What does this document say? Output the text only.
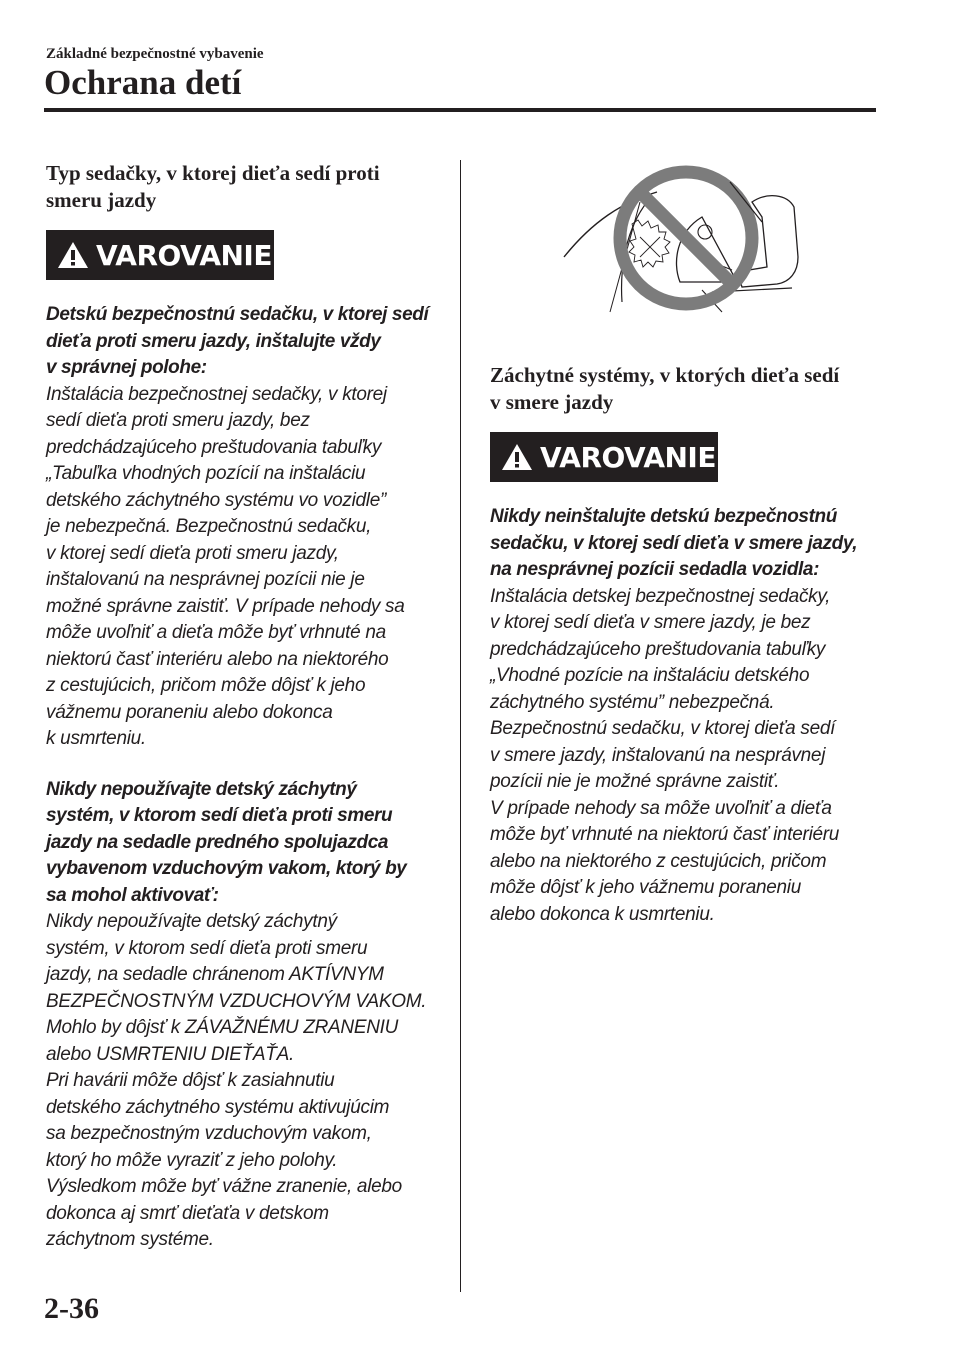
Základné bezpečnostné vybavenie
Ochrana detí
Typ sedačky, v ktorej dieťa sedí proti
smeru jazdy
VAROVANIE

Detskú bezpečnostnú sedačku, v ktorej sedí
dieťa proti smeru jazdy, inštalujte vždy
v správnej polohe:

Inštalácia bezpečnostnej sedačky, v ktorej
sedí dieťa proti smeru jazdy, bez
predchádzajúceho preštudovania tabuľky
„Tabuľka vhodných pozícií na inštaláciu
detského záchytného systému vo vozidle”
je nebezpečná. Bezpečnostnú sedačku,
v ktorej sedí dieťa proti smeru jazdy,
inštalovanú na nesprávnej pozícii nie je
možné správne zaistiť. V prípade nehody sa
môže uvoľniť a dieťa môže byť vrhnuté na
niektorú časť interiéru alebo na niektorého
z cestujúcich, pričom môže dôjsť k jeho
vážnemu poraneniu alebo dokonca
k usmrteniu.

Nikdy nepoužívajte detský záchytný
systém, v ktorom sedí dieťa proti smeru
jazdy na sedadle predného spolujazdca
vybavenom vzduchovým vakom, ktorý by
sa mohol aktivovať:

Nikdy nepoužívajte detský záchytný
systém, v ktorom sedí dieťa proti smeru
jazdy, na sedadle chránenom AKTÍVNYM
BEZPEČNOSTNÝM VZDUCHOVÝM VAKOM.
Mohlo by dôjsť k ZÁVAŽNÉMU ZRANENIU
alebo USMRTENIU DIEŤAŤA.
Pri havárii môže dôjsť k zasiahnutiu
detského záchytného systému aktivujúcim
sa bezpečnostným vzduchovým vakom,
ktorý ho môže vyraziť z jeho polohy.
Výsledkom môže byť vážne zranenie, alebo
dokonca aj smrť dieťaťa v detskom
záchytnom systéme.

Záchytné systémy, v ktorých dieťa sedí
v smere jazdy
VAROVANIE

Nikdy neinštalujte detskú bezpečnostnú
sedačku, v ktorej sedí dieťa v smere jazdy,
na nesprávnej pozícii sedadla vozidla:

Inštalácia detskej bezpečnostnej sedačky,
v ktorej sedí dieťa v smere jazdy, je bez
predchádzajúceho preštudovania tabuľky
„Vhodné pozície na inštaláciu detského
záchytného systému” nebezpečná.
Bezpečnostnú sedačku, v ktorej dieťa sedí
v smere jazdy, inštalovanú na nesprávnej
pozícii nie je možné správne zaistiť.
V prípade nehody sa môže uvoľniť a dieťa
môže byť vrhnuté na niektorú časť interiéru
alebo na niektorého z cestujúcich, pričom
môže dôjsť k jeho vážnemu poraneniu
alebo dokonca k usmrteniu.

2-36
